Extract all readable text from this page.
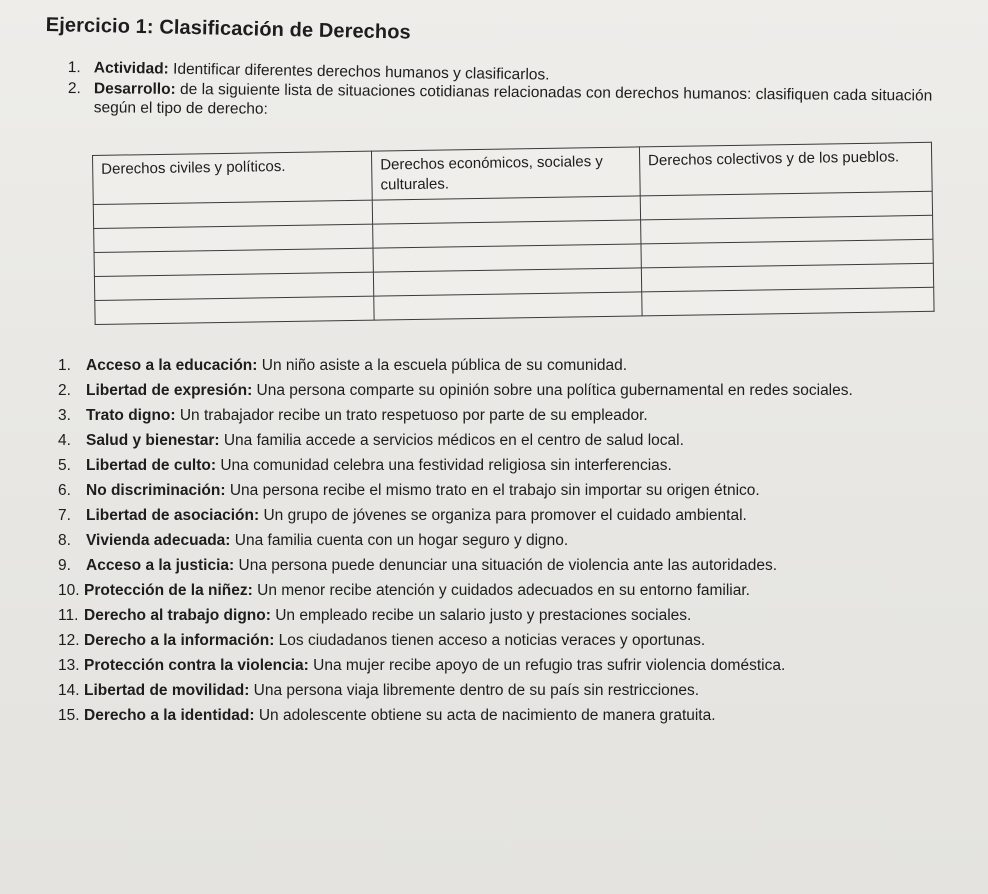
Ejercicio 1: Clasificación de Derechos
1. Actividad: Identificar diferentes derechos humanos y clasificarlos.
2. Desarrollo: de la siguiente lista de situaciones cotidianas relacionadas con derechos humanos: clasifiquen cada situación según el tipo de derecho:
Derechos civiles y políticos.	Derechos económicos, sociales y culturales.	Derechos colectivos y de los pueblos.

1. Acceso a la educación: Un niño asiste a la escuela pública de su comunidad.
2. Libertad de expresión: Una persona comparte su opinión sobre una política gubernamental en redes sociales.
3. Trato digno: Un trabajador recibe un trato respetuoso por parte de su empleador.
4. Salud y bienestar: Una familia accede a servicios médicos en el centro de salud local.
5. Libertad de culto: Una comunidad celebra una festividad religiosa sin interferencias.
6. No discriminación: Una persona recibe el mismo trato en el trabajo sin importar su origen étnico.
7. Libertad de asociación: Un grupo de jóvenes se organiza para promover el cuidado ambiental.
8. Vivienda adecuada: Una familia cuenta con un hogar seguro y digno.
9. Acceso a la justicia: Una persona puede denunciar una situación de violencia ante las autoridades.
10. Protección de la niñez: Un menor recibe atención y cuidados adecuados en su entorno familiar.
11. Derecho al trabajo digno: Un empleado recibe un salario justo y prestaciones sociales.
12. Derecho a la información: Los ciudadanos tienen acceso a noticias veraces y oportunas.
13. Protección contra la violencia: Una mujer recibe apoyo de un refugio tras sufrir violencia doméstica.
14. Libertad de movilidad: Una persona viaja libremente dentro de su país sin restricciones.
15. Derecho a la identidad: Un adolescente obtiene su acta de nacimiento de manera gratuita.
